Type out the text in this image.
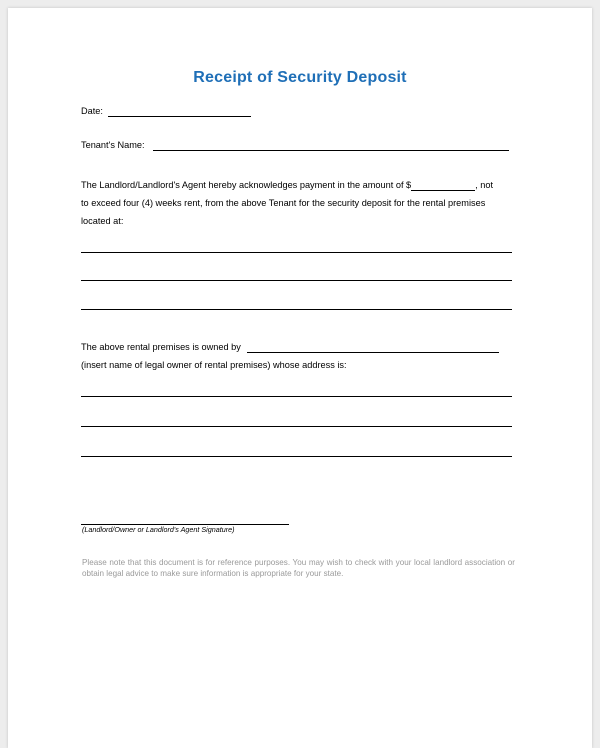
Receipt of Security Deposit
Date:
Tenant's Name:
The Landlord/Landlord's Agent hereby acknowledges payment in the amount of $	, not
to exceed four (4) weeks rent, from the above Tenant for the security deposit for the rental premises
located at:
The above rental premises is owned by
(insert name of legal owner of rental premises) whose address is:
(Landlord/Owner or Landlord's Agent Signature)
Please note that this document is for reference purposes. You may wish to check with your local landlord association or obtain legal advice to make sure information is appropriate for your state.
